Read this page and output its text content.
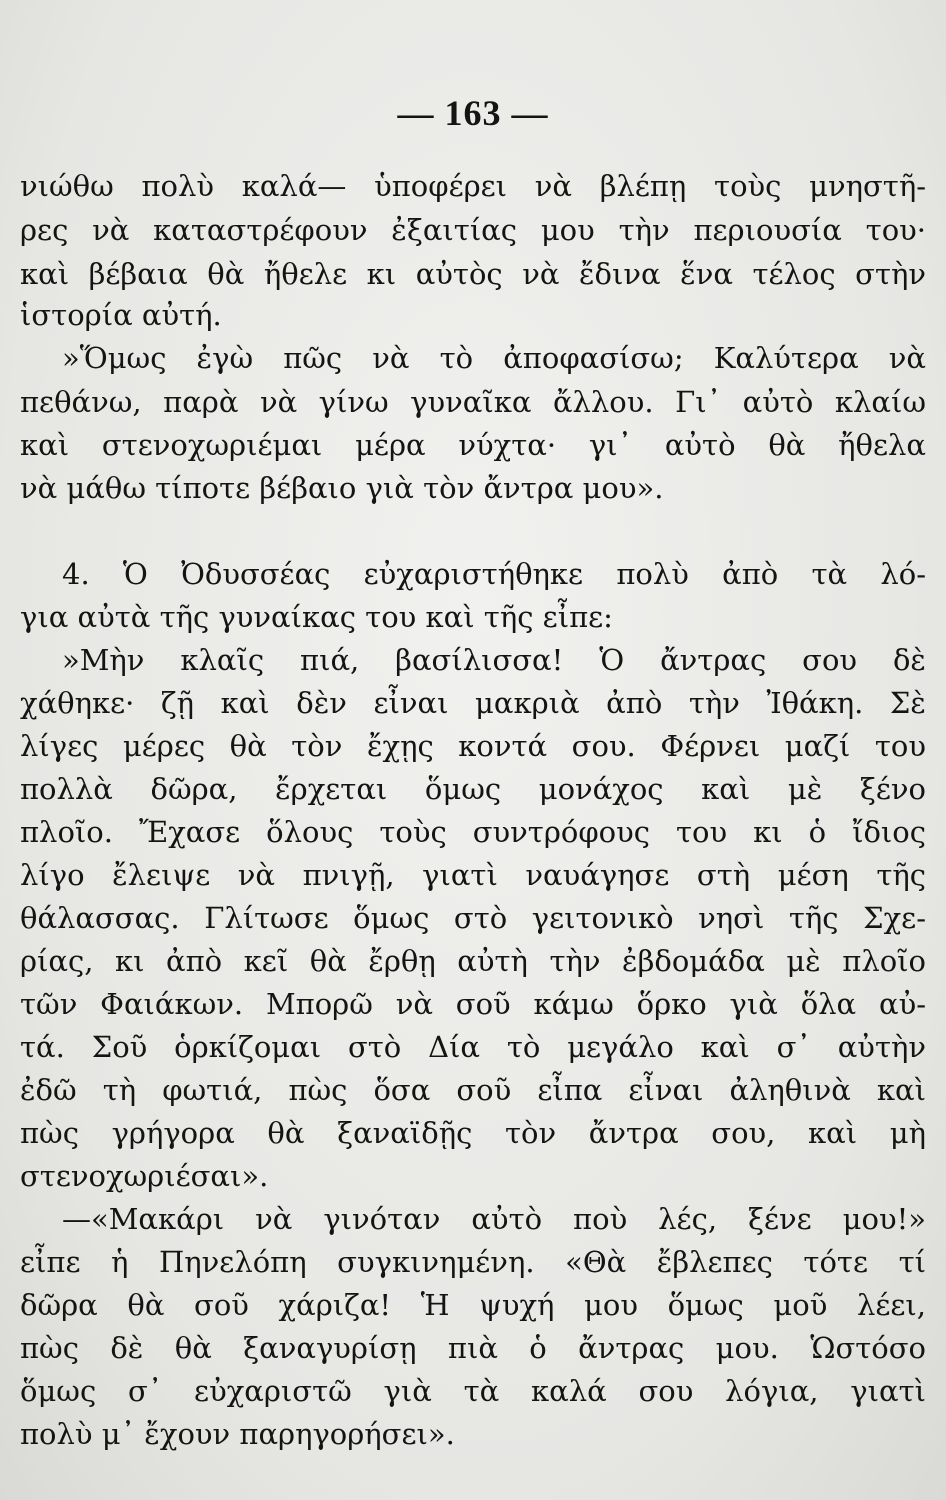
— 163 —
νιώθω πολὺ καλά— ὑποφέρει νὰ βλέπῃ τοὺς μνηστῆ-
ρες νὰ καταστρέφουν ἐξαιτίας μου τὴν περιουσία του·
καὶ βέβαια θὰ ἤθελε κι αὐτὸς νὰ ἔδινα ἕνα τέλος στὴν
ἱστορία αὐτή.
»Ὅμως ἐγὼ πῶς νὰ τὸ ἀποφασίσω; Καλύτερα νὰ
πεθάνω, παρὰ νὰ γίνω γυναῖκα ἄλλου. Γι᾿ αὐτὸ κλαίω
καὶ στενοχωριέμαι μέρα νύχτα· γι᾿ αὐτὸ θὰ ἤθελα
νὰ μάθω τίποτε βέβαιο γιὰ τὸν ἄντρα μου».
4. Ὁ Ὀδυσσέας εὐχαριστήθηκε πολὺ ἀπὸ τὰ λό-
για αὐτὰ τῆς γυναίκας του καὶ τῆς εἶπε:
»Μὴν κλαῖς πιά, βασίλισσα! Ὁ ἄντρας σου δὲ
χάθηκε· ζῇ καὶ δὲν εἶναι μακριὰ ἀπὸ τὴν Ἰθάκη. Σὲ
λίγες μέρες θὰ τὸν ἔχῃς κοντά σου. Φέρνει μαζί του
πολλὰ δῶρα, ἔρχεται ὅμως μονάχος καὶ μὲ ξένο
πλοῖο. Ἔχασε ὅλους τοὺς συντρόφους του κι ὁ ἴδιος
λίγο ἔλειψε νὰ πνιγῇ, γιατὶ ναυάγησε στὴ μέση τῆς
θάλασσας. Γλίτωσε ὅμως στὸ γειτονικὸ νησὶ τῆς Σχε-
ρίας, κι ἀπὸ κεῖ θὰ ἔρθῃ αὐτὴ τὴν ἐβδομάδα μὲ πλοῖο
τῶν Φαιάκων. Μπορῶ νὰ σοῦ κάμω ὅρκο γιὰ ὅλα αὐ-
τά. Σοῦ ὁρκίζομαι στὸ Δία τὸ μεγάλο καὶ σ᾿ αὐτὴν
ἐδῶ τὴ φωτιά, πὼς ὅσα σοῦ εἶπα εἶναι ἀληθινὰ καὶ
πὼς γρήγορα θὰ ξαναϊδῇς τὸν ἄντρα σου, καὶ μὴ
στενοχωριέσαι».
—«Μακάρι νὰ γινόταν αὐτὸ ποὺ λές, ξένε μου!»
εἶπε ἡ Πηνελόπη συγκινημένη. «Θὰ ἔβλεπες τότε τί
δῶρα θὰ σοῦ χάριζα! Ἡ ψυχή μου ὅμως μοῦ λέει,
πὼς δὲ θὰ ξαναγυρίσῃ πιὰ ὁ ἄντρας μου. Ὡστόσο
ὅμως σ᾿ εὐχαριστῶ γιὰ τὰ καλά σου λόγια, γιατὶ
πολὺ μ᾿ ἔχουν παρηγορήσει».
